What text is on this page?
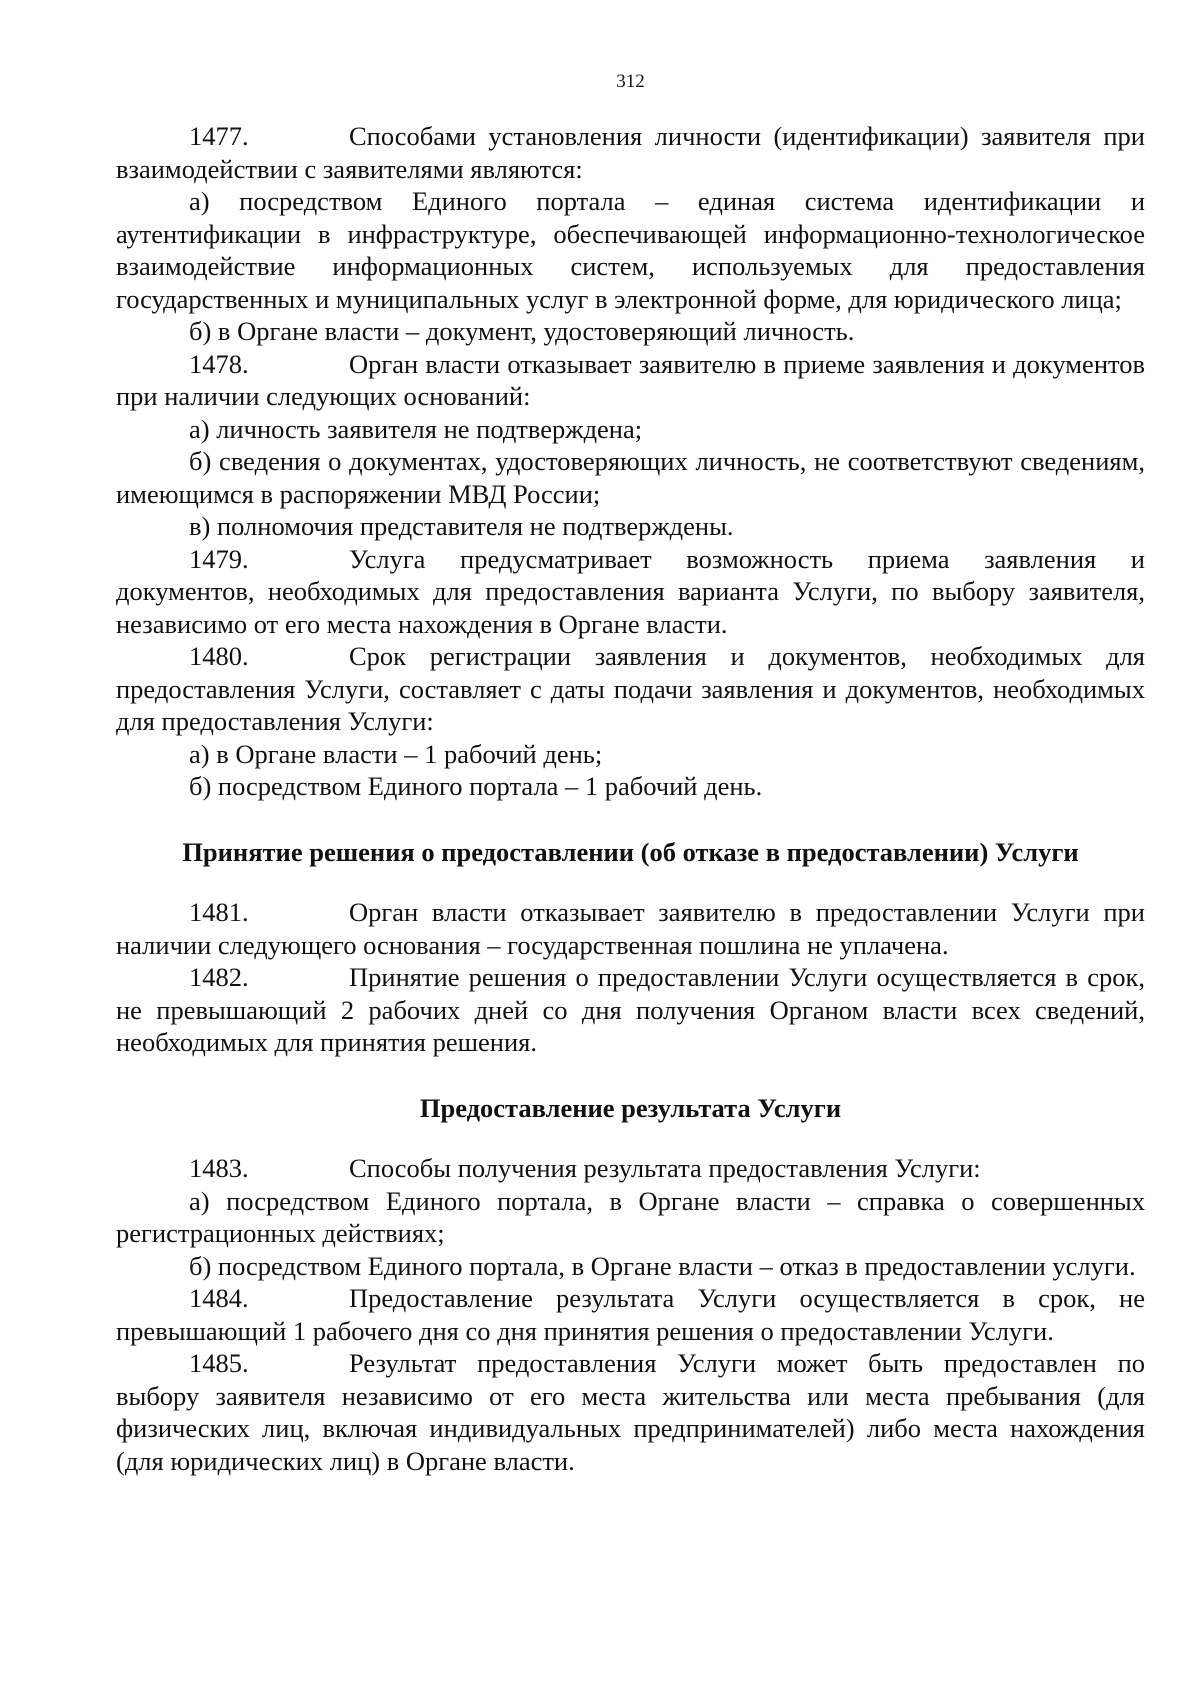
312

1477.	Способами установления личности (идентификации) заявителя при взаимодействии с заявителями являются:

а) посредством Единого портала – единая система идентификации и аутентификации в инфраструктуре, обеспечивающей информационно-технологическое взаимодействие информационных систем, используемых для предоставления государственных и муниципальных услуг в электронной форме, для юридического лица;

б) в Органе власти – документ, удостоверяющий личность.

1478.	Орган власти отказывает заявителю в приеме заявления и документов при наличии следующих оснований:

а) личность заявителя не подтверждена;

б) сведения о документах, удостоверяющих личность, не соответствуют сведениям, имеющимся в распоряжении МВД России;

в) полномочия представителя не подтверждены.

1479.	Услуга предусматривает возможность приема заявления и документов, необходимых для предоставления варианта Услуги, по выбору заявителя, независимо от его места нахождения в Органе власти.

1480.	Срок регистрации заявления и документов, необходимых для предоставления Услуги, составляет с даты подачи заявления и документов, необходимых для предоставления Услуги:

а) в Органе власти – 1 рабочий день;

б) посредством Единого портала – 1 рабочий день.

Принятие решения о предоставлении (об отказе в предоставлении) Услуги

1481.	Орган власти отказывает заявителю в предоставлении Услуги при наличии следующего основания – государственная пошлина не уплачена.

1482.	Принятие решения о предоставлении Услуги осуществляется в срок, не превышающий 2 рабочих дней со дня получения Органом власти всех сведений, необходимых для принятия решения.

Предоставление результата Услуги

1483.	Способы получения результата предоставления Услуги:

а) посредством Единого портала, в Органе власти – справка о совершенных регистрационных действиях;

б) посредством Единого портала, в Органе власти – отказ в предоставлении услуги.

1484.	Предоставление результата Услуги осуществляется в срок, не превышающий 1 рабочего дня со дня принятия решения о предоставлении Услуги.

1485.	Результат предоставления Услуги может быть предоставлен по выбору заявителя независимо от его места жительства или места пребывания (для физических лиц, включая индивидуальных предпринимателей) либо места нахождения (для юридических лиц) в Органе власти.
